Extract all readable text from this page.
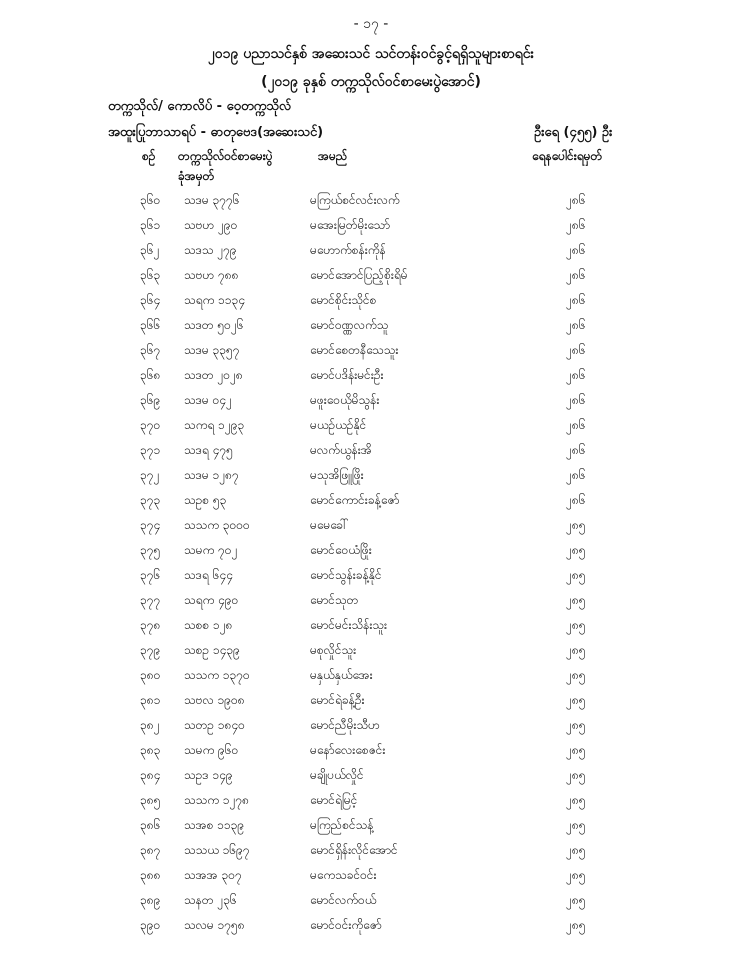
- ၁၇ -
၂၀၁၉ ပညာသင်နှစ် အဆေးသင် သင်တန်းဝင်ခွင့်ရရှိသူများစာရင်း
(၂၀၁၉ ခုနှစ် တက္ကသိုလ်ဝင်စာမေးပွဲအောင်)
တက္ကသိုလ်/ ကောလိပ် - ဝေ့တက္ကသိုလ်
အထူးပြုဘာသာရပ် - ဓာတုဗေဒ(အဆေးသင်)	ဦးရေ (၄၅၅) ဦး
စဉ် တက္ကသိုလ်ဝင်စာမေးပွဲ
ခုံအမှတ်
အမည်	ရေနပေါင်းရမှတ်
၃၆၀ သဒမ ၃၇၇၆	မကြယ်စင်လင်းလက်	၂၈၆
၃၆၁ သဗဟ ၂၉၀	မအေးမြတ်မိုးသော်	၂၈၆
၃၆၂ သဒသ ၂၇၉	မဟောက်စန်းကိုန်	၂၈၆
၃၆၃ သဗဟ ၇၈၈	မောင်အောင်ပြည့်စိုးရိမ်	၂၈၆
၃၆၄ သရက ၁၁၃၄	မောင်စိုင်းသိုင်စ	၂၈၆
၃၆၆ သဒတ ၅၀၂၆	မောင်ဝဏ္ဏလက်သူ	၂၈၆
၃၆၇ သဒမ ၃၃၅၇	မောင်စေတနီသေသူး	၂၈၆
၃၆၈ သဒတ ၂၀၂၈	မောင်ပဒိန်းမင်းဦး	၂၈၆
၃၆၉ သဒမ ၀၄၂	မဖူးဝေယိုမိသွန်း	၂၈၆
၃၇၀ သကရ ၁၂၉၃	မယဉ်ယဉ်နိုင်	၂၈၆
၃၇၁ သဒရ ၄၇၅	မလက်ယွန်းအိ	၂၈၆
၃၇၂ သဒမ ၁၂၈၇	မသုအိဖြူဖြိုး	၂၈၆
၃၇၃ သဥစ ၅၃	မောင်ကောင်းခန့်ဇော်	၂၈၆
၃၇၄ သသက ၃၀၀၀	မမေခေါ်	၂၈၅
၃၇၅ သမက ၇၀၂	မောင်ဝေယံဖြိုး	၂၈၅
၃၇၆ သဒရ ၆၄၄	မောင်သွန်းခန့်နိုင်	၂၈၅
၃၇၇ သရက ၄၉၀	မောင်သုတ	၂၈၅
၃၇၈ သစစ ၁၂၈	မောင်မင်းသိန်းသူး	၂၈၅
၃၇၉ သစဥ ၁၄၃၉	မစုလှိုင်သူး	၂၈၅
၃၈၀ သသက ၁၃၇၀	မနှယ်နှယ်အေး	၂၈၅
၃၈၁ သဗလ ၁၉၀၈	မောင်ရဲခန့်ဦး	၂၈၅
၃၈၂ သတဥ ၁၈၄၀	မောင်ညီမိုးသီဟ	၂၈၅
၃၈၃ သမက ၉၆၀	မနော်လေးစေဇင်း	၂၈၅
၃၈၄ သဥဒ ၁၄၉	မချိုပယ်လှိုင်	၂၈၅
၃၈၅ သသက ၁၂၇၈	မောင်ရဲမြင့်	၂၈၅
၃၈၆ သအစ ၁၁၃၉	မကြည်စင်သန့်	၂၈၅
၃၈၇ သသယ ၁၆၉၇	မောင်ရှိန်းလိုင်အောင်	၂၈၅
၃၈၈ သအအ ၃၀၇	မကေသခင်ဝင်း	၂၈၅
၃၈၉ သနတ ၂၃၆	မောင်လက်ဝယ်	၂၈၅
၃၉၀ သလမ ၁၇၅၈	မောင်ဝင်းကိုဇော်	၂၈၅
